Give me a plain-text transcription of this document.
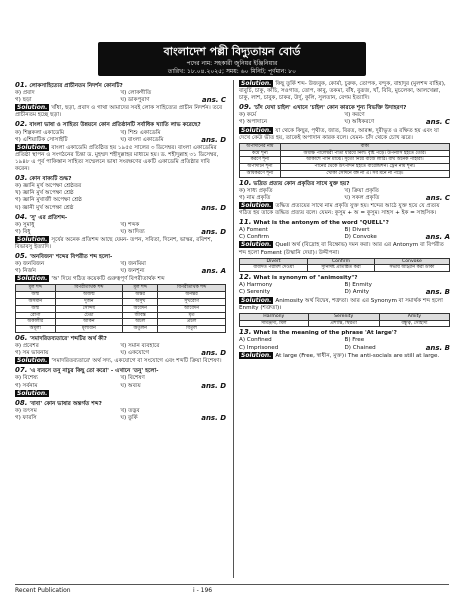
বাংলাদেশ পল্লী বিদ্যুতায়ন বোর্ড
পদের নাম: সহকারী জুনিয়র ইঞ্জিনিয়ার
তারিখ: ১৮.০৪.২০২৫; সময়: ৬০ মিনিট; পূর্ণমান: ৮০
01. লোকসাহিত্যের প্রাচীনতম নিদর্শন কোনটি?
ক) প্রবাদ	খ) লোকগীতি
গ) ছড়া	ঘ) ডাকপুরাণ	ans. C

Solution. খাঁধা, ছড়া, প্রবাদ ও গাথা আমাদের সবই লোক সাহিত্যের প্রাচীন নিদর্শন। তবে প্রাচীনতম হচ্ছে ছড়া।

02. বাংলা ভাষা ও সাহিত্য উন্নয়নে কোন প্রতিষ্ঠানটি সর্বাধিক খ্যাতি লাভ করেছে?
ক) শিল্পকলা একাডেমি	খ) শিশু একাডেমি
গ) এশিয়াটিক সোসাইটি	ঘ) বাংলা একাডেমি	ans. D

Solution. বাংলা একাডেমি প্রতিষ্ঠিত হয় ১৯৫৫ সালের ৩ ডিসেম্বর। বাংলা একাডেমির প্রতিষ্ঠা স্থাপন ও সংগঠনের চিন্তা ড. মুহম্মদ শহীদুল্লাহর মাধ্যমে হয়। ড. শহীদুল্লাহ ৩১ ডিসেম্বর, ১৯৪৮ এ পূর্ব পাকিস্তান সাহিত্য সম্মেলনে ভাষা সংরক্ষণের একটি একাডেমি প্রতিষ্ঠার দাবি করেন।

03. কোন বাক্যটি শুদ্ধ?
ক) জ্ঞানি মুর্খ অপেক্ষা শ্রেষ্ঠতর
খ) জ্ঞানি মুর্খ অপেক্ষা শ্রেষ্ঠ
গ) জ্ঞানি মুখার্জী অপেক্ষা শ্রেষ্ঠ
ঘ) জ্ঞানী মুর্খ অপেক্ষা শ্রেষ্ঠ	ans. D
04. 'সু' এর প্রতিশব্দ-
ক) সুমাধু	খ) শব্দক
গ) বিধু	ঘ) আদিত্য	ans. D

Solution. সূর্যের অনেক প্রতিশব্দ আছে যেমন- তপন, সবিতা, দিনেশ, ভাস্কর, রবিশশ, বিভাবসু ইত্যাদি।

05. 'অনবিজন' শব্দের বিপরীত শব্দ হলো-
ক) জনবিজন	খ) জনমিমা
গ) নির্জন	ঘ) জনশূন্য	ans. A

Solution. 'অ' দিয়ে গঠিত কয়েকটি গুরুত্বপূর্ণ বিপরীতার্থক শব্দ

মূল শব্দ	বিপরীতার্থক শব্দ	মূল শব্দ	বিপরীতার্থক শব্দ
জন্ম	অজন্ম	অন্তর	অনন্তর
অসমান	দুর্জন	অসুখ	সুখরোগ
জন্ম	সৌন্দর্য	অবেদন	আবেদন
রোগা	টেঙা	জীবন্ত	মৃত
অকালীর	আকন	অচল	প্রচল
অমূল্য	মূল্যবান	অতুলন	বিতুল
06. 'সমাদরিতব্যতারে' শব্দটির অর্থ কী?
ক) প্রবেশর	খ) সমান ব্যবহারে
গ) সম ভাবনায়	ঘ) একযোগে	ans. D

Solution. 'সমাদরিতব্যতারে' অর্থ সদ্য, একযোগে বা সংযোগে এবং শব্দটি ক্রিয়া বিশেষণ।

07. 'এ ব্যবসে তনু নাচুর কিছু তো করো' - এখানে 'তনু' হলো-
ক) বিশেষ্য	খ) বিশেষণ
গ) সর্বনাম	ঘ) অব্যয়	ans. D

Solution.

08. 'বাবা' কোন ভাষার অন্তর্গত শব্দ?
ক) তৎসম	খ) তদ্ভব
গ) ফারসি	ঘ) তুর্কি	ans. D

Solution. কিছু তুর্কি শব্দ- উজবুক, কোর্মা, চুরুক, তোপক, বন্দুক, বাহাদুর (মুলশব্দ বাহির), বাবুর্চি, চাকু, কাঁচি, সওগাত, তোপ, কাবু, তকমা, বাঁধ, বুরূজ, খাঁ, বিবি, মুচলেকা, আলখেল্লা, চাকু, লাশ, চাবুক, চাকর, উর্দু, কুলি, সুলতান, বেগম ইত্যাদি।

09. 'চাঁদ যেখা চাইল' এখানে 'চাইল' কোন কারকে শূন্য বিভক্তি উদাহরণ?
ক) কর্মে	খ) করণে
গ) অপাদানে	ঘ) অধিকরণে	ans. C

Solution. যা থেকে কিছুর, পৃথীত, জাত, বিরত, আরম্ভ, দুরীভূত ও রক্ষিত হয় এবং যা দেখে কেউ ভীত হয়, তাকেই অপাদান কারক বলে। যেমন- চাঁদ থেকে চোখ ঝরে।

অপাদানের নাম	বাক্য
কর্মে শূন্য	অধ্যক্ষ পালেশ্বরী পাতা ধরিয়ে নিল। বৃষ্টি পড়ে। উপন্যাস হইতে তৈরি।
করণে শূন্য	আকাশে পানি মাঝে। সুতো নিয়ে বাজে লাঠি। বাঘ অনেক পাহারা।
অপাদানে শূন্য	পানের থেকে উৎপাদন হইতে বারেন্দ্রিশন। ট্রেন নাম শূন্য।
অধিকরণে শূন্য	খোকা সেদিনে বঙ্গ না এ। সব মনে না পড়ে।
10. ভদ্রিত প্রত্যয় কোন প্রকৃতির সাথে যুক্ত হয়?
ক) সাধ্য প্রকৃতি	খ) ক্রিয়া প্রকৃতি
গ) নাম প্রকৃতি	ঘ) সকল প্রকৃতি	ans. C

Solution. তদ্ধিত প্রত্যয়ের সাথে নাম প্রকৃতি যুক্ত হয়। শব্দের আঠে যুক্ত হয়ে যে প্রত্যয় গঠিত হয় তাকে তদ্ধিত প্রত্যয় বলে। যেমন: কুসুম + অ = কুসুম। সাহস + ইক = সাহসিক।

11. What is the antonym of the word "QUELL"?
A) Foment	B) Divert
C) Confirm	D) Convoke	ans. A

Solution. Quell অর্থ (বিদ্রোহ বা বিক্ষোভ) দমন করা। আর এর Antonym বা বিপরীত শব্দ হলো Foment (উস্কানি দেয়া)। উদ্দীপনা।

Divert	Confirm	Convoke
বাবদিত পরামর্শ দেওয়া	সুনির্দিষ্ট প্রতিষ্ঠিত করা	সভায় আহ্বান করা ডাকা
12. What is synonym of "animosity"?
A) Harmony	B) Enmity
C) Serenity	D) Amity	ans. B

Solution. Animosity অর্থ বিদ্বেষ, শত্রুতা। আর এর Synonym বা সমার্থক শব্দ হলো Enmity (শত্রুতা)।

Harmony	Serenity	Amity
সামঞ্জস্য, মিল	প্রশান্তি, স্থিরতা	বন্ধুত্ব, সৌহার্দ্য
13. What is the meaning of the phrase 'At large'?
A) Confined	B) Free
C) Imprisoned	D) Chained	ans. B

Solution. At large (Free, স্বাধীন, মুক্ত)। The anti-socials are still at large.

Recent Publication	i - 196
